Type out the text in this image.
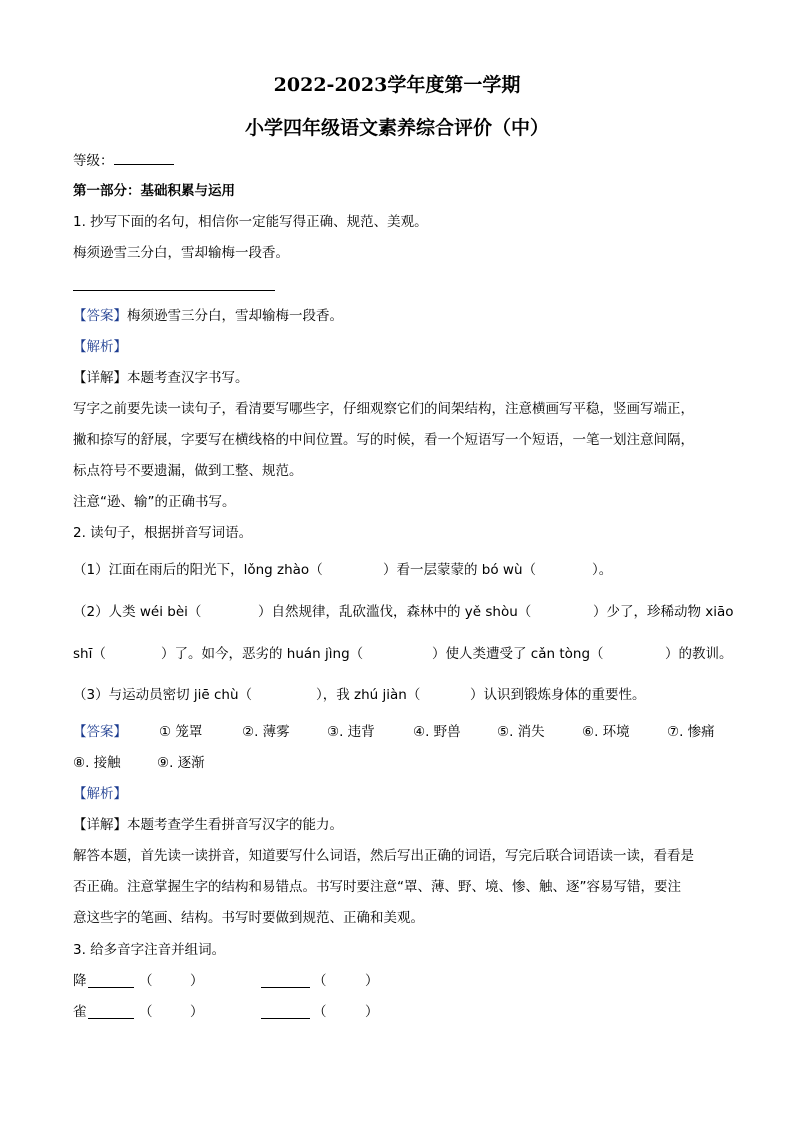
2022-2023学年度第一学期
小学四年级语文素养综合评价（中）
等级：
第一部分：基础积累与运用
1. 抄写下面的名句，相信你一定能写得正确、规范、美观。
梅须逊雪三分白，雪却输梅一段香。
【答案】梅须逊雪三分白，雪却输梅一段香。
【解析】
【详解】本题考查汉字书写。
写字之前要先读一读句子，看清要写哪些字，仔细观察它们的间架结构，注意横画写平稳，竖画写端正，
撇和捺写的舒展，字要写在横线格的中间位置。写的时候，看一个短语写一个短语，一笔一划注意间隔，
标点符号不要遗漏，做到工整、规范。
注意“逊、输”的正确书写。
2. 读句子，根据拼音写词语。
（1）江面在雨后的阳光下，lǒng zhào（	）看一层蒙蒙的 bó wù（	）。
（2）人类 wéi bèi（	）自然规律，乱砍滥伐，森林中的 yě shòu（	）少了，珍稀动物 xiāo
shī（	）了。如今，恶劣的 huán jìng（	）使人类遭受了 cǎn tòng（	）的教训。
（3）与运动员密切 jiē chù（	），我 zhú jiàn（	）认识到锻炼身体的重要性。
【答案】 ① 笼罩	②. 薄雾	③. 违背	④. 野兽	⑤. 消失	⑥. 环境	⑦. 惨痛
⑧. 接触	⑨. 逐渐
【解析】
【详解】本题考查学生看拼音写汉字的能力。
解答本题，首先读一读拼音，知道要写什么词语，然后写出正确的词语，写完后联合词语读一读，看看是
否正确。注意掌握生字的结构和易错点。书写时要注意“罩、薄、野、境、惨、触、逐”容易写错，要注
意这些字的笔画、结构。书写时要做到规范、正确和美观。
3. 给多音字注音并组词。
降	（	）	（	）
雀	（	）	（	）
